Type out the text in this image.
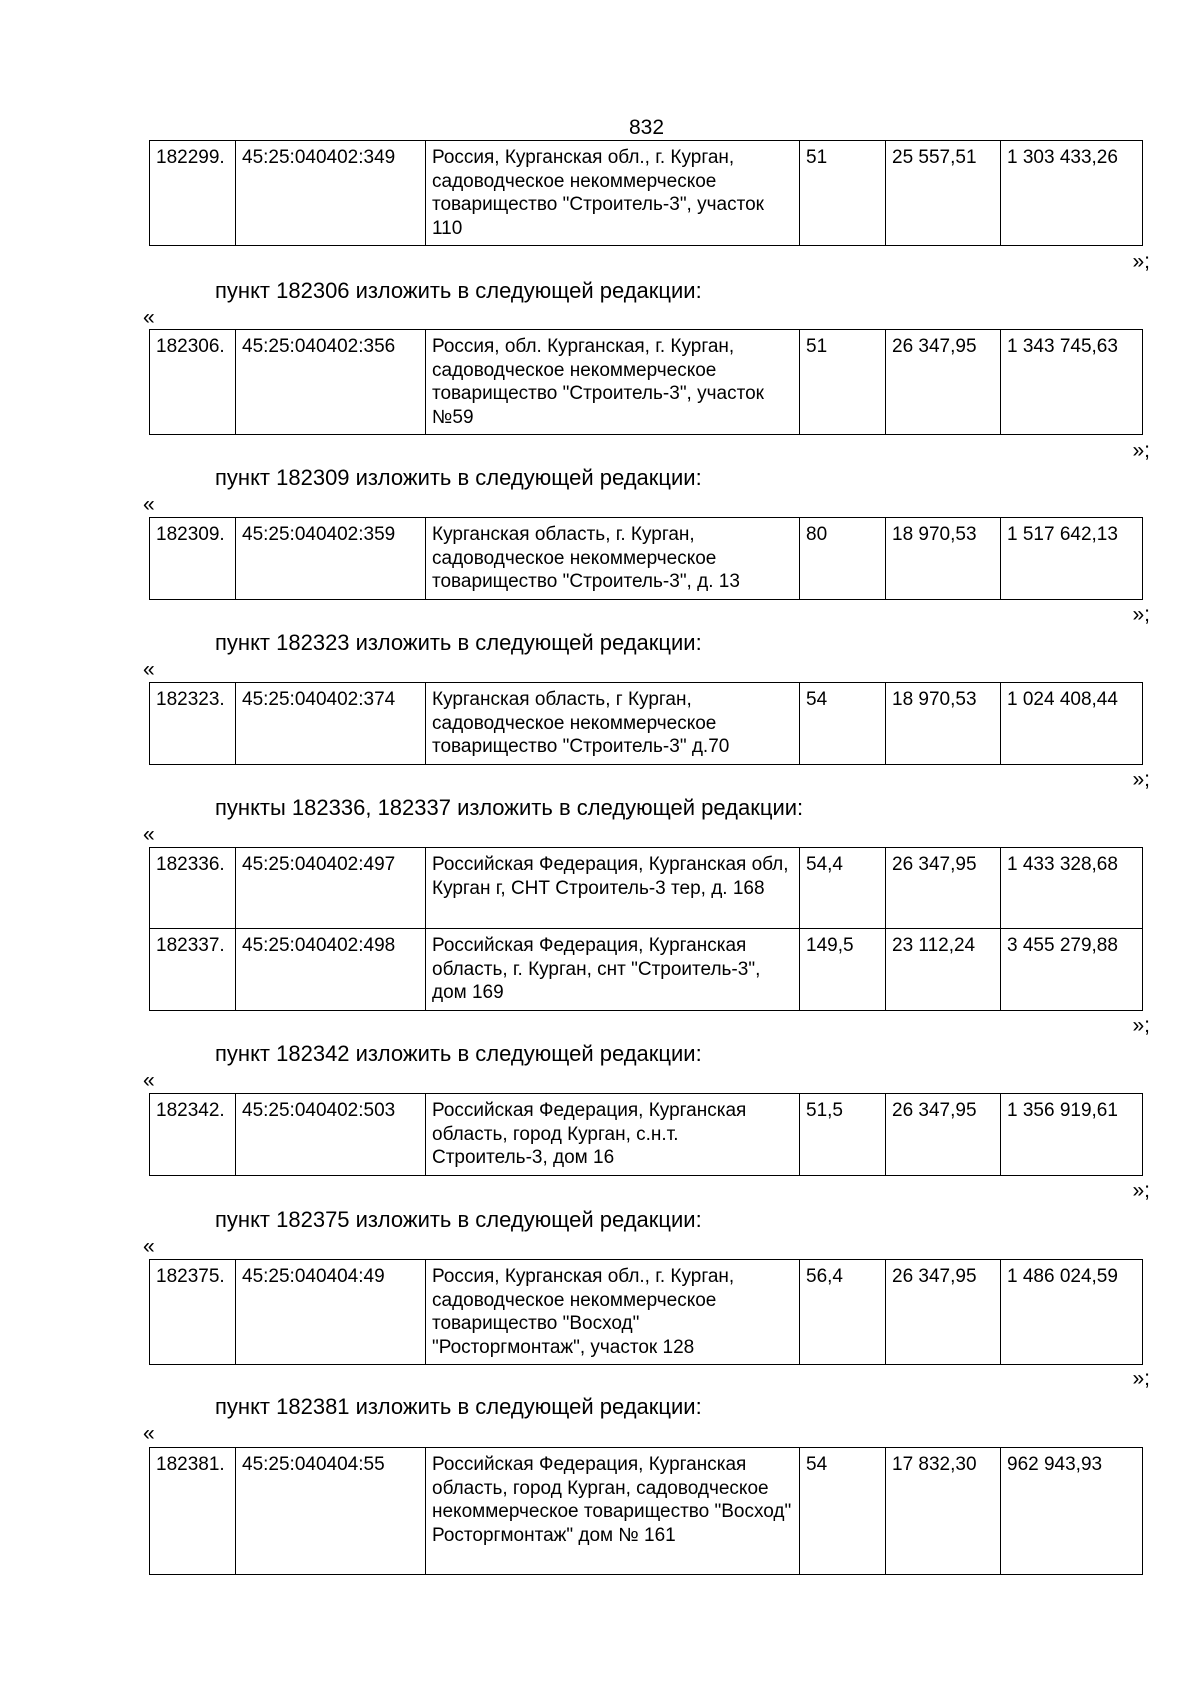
832
182299.	45:25:040402:349	Россия, Курганская обл., г. Курган, садоводческое некоммерческое товарищество "Строитель-3", участок 110	51	25 557,51	1 303 433,26
»;
пункт 182306 изложить в следующей редакции:
«
182306.	45:25:040402:356	Россия, обл. Курганская, г. Курган, садоводческое некоммерческое товарищество "Строитель-3", участок №59	51	26 347,95	1 343 745,63
»;
пункт 182309 изложить в следующей редакции:
«
182309.	45:25:040402:359	Курганская область, г. Курган, садоводческое некоммерческое товарищество "Строитель-3", д. 13	80	18 970,53	1 517 642,13
»;
пункт 182323 изложить в следующей редакции:
«
182323.	45:25:040402:374	Курганская область, г Курган, садоводческое некоммерческое товарищество "Строитель-3" д.70	54	18 970,53	1 024 408,44
»;
пункты 182336, 182337 изложить в следующей редакции:
«
182336.	45:25:040402:497	Российская Федерация, Курганская обл, Курган г, СНТ Строитель-3 тер, д. 168	54,4	26 347,95	1 433 328,68
182337.	45:25:040402:498	Российская Федерация, Курганская область, г. Курган, снт "Строитель-3", дом 169	149,5	23 112,24	3 455 279,88
»;
пункт 182342 изложить в следующей редакции:
«
182342.	45:25:040402:503	Российская Федерация, Курганская область, город Курган, с.н.т. Строитель-3, дом 16	51,5	26 347,95	1 356 919,61
»;
пункт 182375 изложить в следующей редакции:
«
182375.	45:25:040404:49	Россия, Курганская обл., г. Курган, садоводческое некоммерческое товарищество "Восход" "Росторгмонтаж", участок 128	56,4	26 347,95	1 486 024,59
»;
пункт 182381 изложить в следующей редакции:
«
182381.	45:25:040404:55	Российская Федерация, Курганская область, город Курган, садоводческое некоммерческое товарищество "Восход" Росторгмонтаж" дом № 161	54	17 832,30	962 943,93
